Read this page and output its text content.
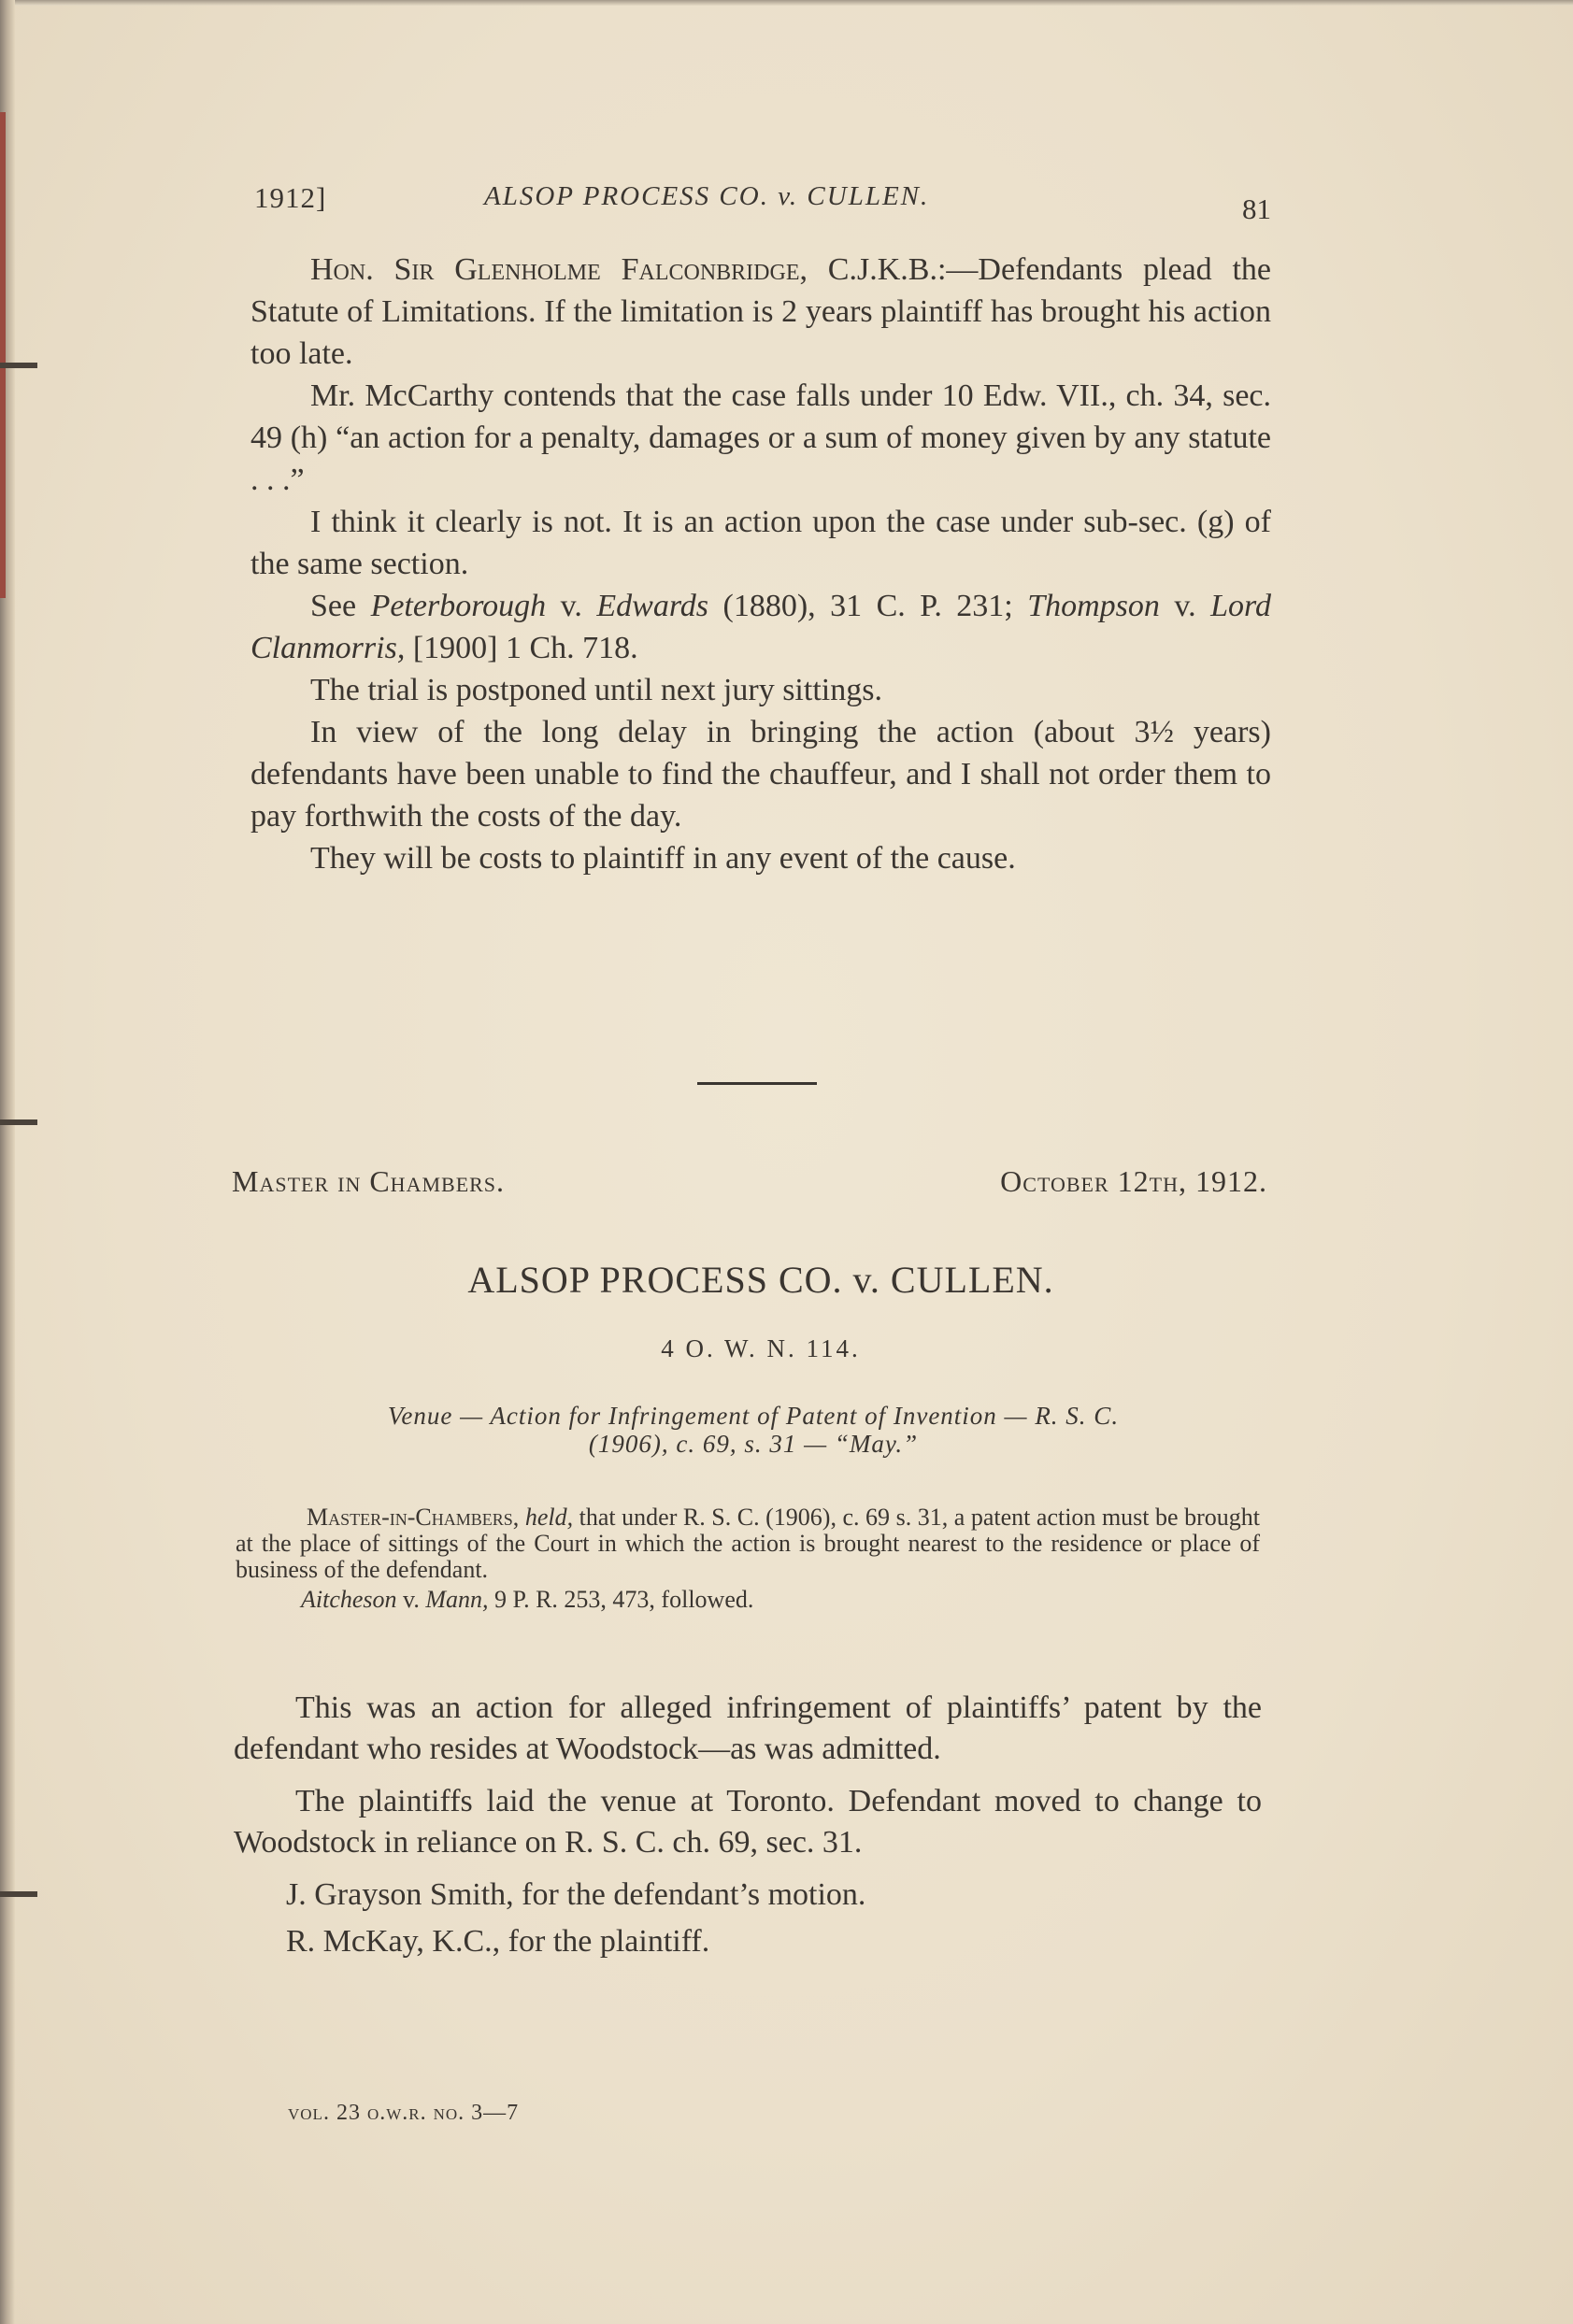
1912]	ALSOP PROCESS CO. v. CULLEN.	81

Hon. Sir Glenholme Falconbridge, C.J.K.B.:—Defendants plead the Statute of Limitations. If the limitation is 2 years plaintiff has brought his action too late.

Mr. McCarthy contends that the case falls under 10 Edw. VII., ch. 34, sec. 49 (h) “an action for a penalty, damages or a sum of money given by any statute . . .”

I think it clearly is not. It is an action upon the case under sub-sec. (g) of the same section.

See Peterborough v. Edwards (1880), 31 C. P. 231; Thompson v. Lord Clanmorris, [1900] 1 Ch. 718.

The trial is postponed until next jury sittings.

In view of the long delay in bringing the action (about 3½ years) defendants have been unable to find the chauffeur, and I shall not order them to pay forthwith the costs of the day.

They will be costs to plaintiff in any event of the cause.

Master in Chambers.	October 12th, 1912.
ALSOP PROCESS CO. v. CULLEN.
4 O. W. N. 114.
Venue — Action for Infringement of Patent of Invention — R. S. C.
(1906), c. 69, s. 31 — “May.”

Master-in-Chambers, held, that under R. S. C. (1906), c. 69 s. 31, a patent action must be brought at the place of sittings of the Court in which the action is brought nearest to the residence or place of business of the defendant.

Aitcheson v. Mann, 9 P. R. 253, 473, followed.

This was an action for alleged infringement of plaintiffs’ patent by the defendant who resides at Woodstock—as was admitted.

The plaintiffs laid the venue at Toronto. Defendant moved to change to Woodstock in reliance on R. S. C. ch. 69, sec. 31.

J. Grayson Smith, for the defendant’s motion.

R. McKay, K.C., for the plaintiff.

vol. 23 o.w.r. no. 3—7
